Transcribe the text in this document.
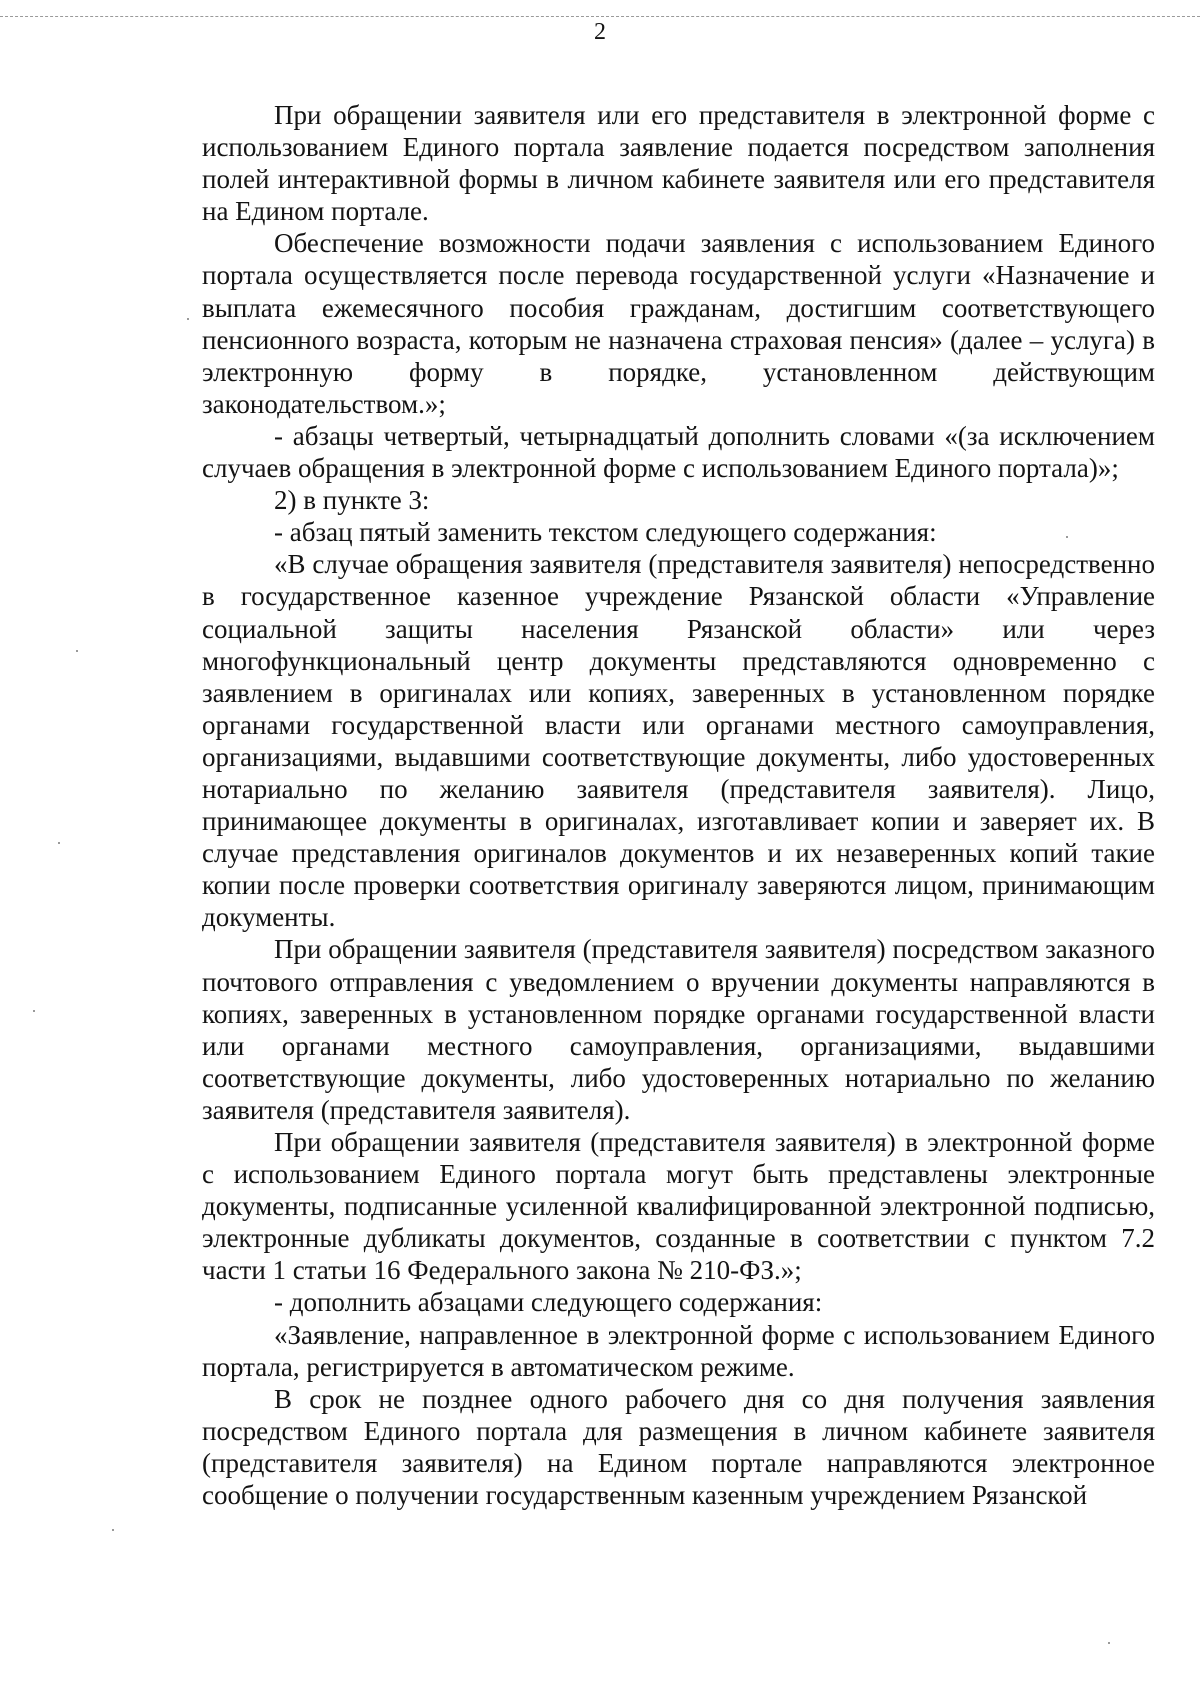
2

При обращении заявителя или его представителя в электронной форме с использованием Единого портала заявление подается посредством заполнения полей интерактивной формы в личном кабинете заявителя или его представителя на Едином портале.

Обеспечение возможности подачи заявления с использованием Единого портала осуществляется после перевода государственной услуги «Назначение и выплата ежемесячного пособия гражданам, достигшим соответствующего пенсионного возраста, которым не назначена страховая пенсия» (далее – услуга) в электронную форму в порядке, установленном действующим законодательством.»;

- абзацы четвертый, четырнадцатый дополнить словами «(за исключением случаев обращения в электронной форме с использованием Единого портала)»;

2) в пункте 3:

- абзац пятый заменить текстом следующего содержания:

«В случае обращения заявителя (представителя заявителя) непосредственно в государственное казенное учреждение Рязанской области «Управление социальной защиты населения Рязанской области» или через многофункциональный центр документы представляются одновременно с заявлением в оригиналах или копиях, заверенных в установленном порядке органами государственной власти или органами местного самоуправления, организациями, выдавшими соответствующие документы, либо удостоверенных нотариально по желанию заявителя (представителя заявителя). Лицо, принимающее документы в оригиналах, изготавливает копии и заверяет их. В случае представления оригиналов документов и их незаверенных копий такие копии после проверки соответствия оригиналу заверяются лицом, принимающим документы.

При обращении заявителя (представителя заявителя) посредством заказного почтового отправления с уведомлением о вручении документы направляются в копиях, заверенных в установленном порядке органами государственной власти или органами местного самоуправления, организациями, выдавшими соответствующие документы, либо удостоверенных нотариально по желанию заявителя (представителя заявителя).

При обращении заявителя (представителя заявителя) в электронной форме с использованием Единого портала могут быть представлены электронные документы, подписанные усиленной квалифицированной электронной подписью, электронные дубликаты документов, созданные в соответствии с пунктом 7.2 части 1 статьи 16 Федерального закона № 210-ФЗ.»;

- дополнить абзацами следующего содержания:

«Заявление, направленное в электронной форме с использованием Единого портала, регистрируется в автоматическом режиме.

В срок не позднее одного рабочего дня со дня получения заявления посредством Единого портала для размещения в личном кабинете заявителя (представителя заявителя) на Едином портале направляются электронное сообщение о получении государственным казенным учреждением Рязанской
